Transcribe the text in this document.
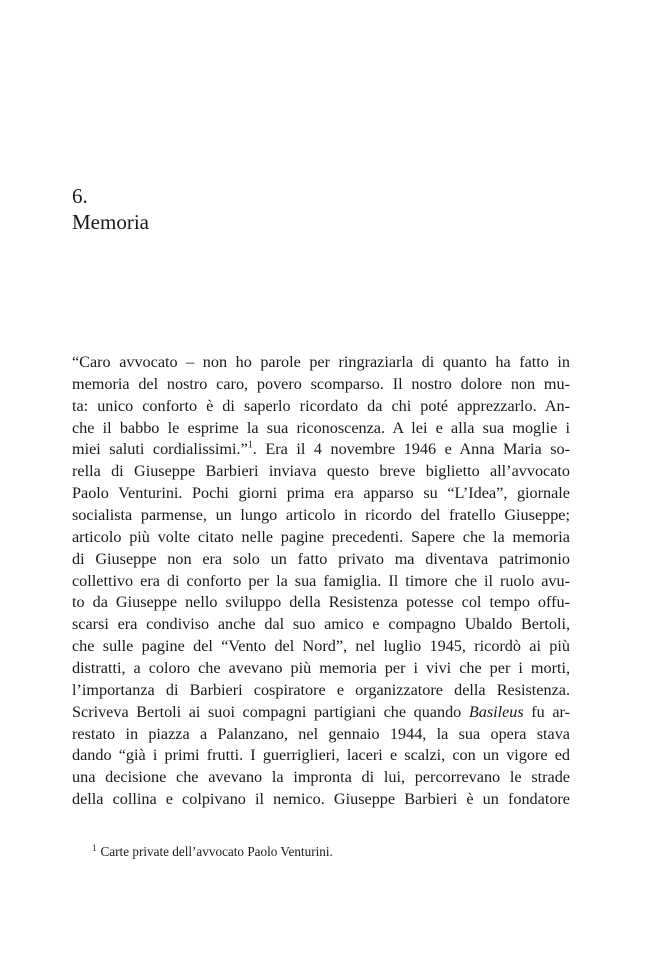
6.
Memoria
“Caro avvocato – non ho parole per ringraziarla di quanto ha fatto in
memoria del nostro caro, povero scomparso. Il nostro dolore non mu-
ta: unico conforto è di saperlo ricordato da chi poté apprezzarlo. An-
che il babbo le esprime la sua riconoscenza. A lei e alla sua moglie i
miei saluti cordialissimi.”$^1$. Era il 4 novembre 1946 e Anna Maria so-
rella di Giuseppe Barbieri inviava questo breve biglietto all’avvocato
Paolo Venturini. Pochi giorni prima era apparso su “L’Idea”, giornale
socialista parmense, un lungo articolo in ricordo del fratello Giuseppe;
articolo più volte citato nelle pagine precedenti. Sapere che la memoria
di Giuseppe non era solo un fatto privato ma diventava patrimonio
collettivo era di conforto per la sua famiglia. Il timore che il ruolo avu-
to da Giuseppe nello sviluppo della Resistenza potesse col tempo offu-
scarsi era condiviso anche dal suo amico e compagno Ubaldo Bertoli,
che sulle pagine del “Vento del Nord”, nel luglio 1945, ricordò ai più
distratti, a coloro che avevano più memoria per i vivi che per i morti,
l’importanza di Barbieri cospiratore e organizzatore della Resistenza.
Scriveva Bertoli ai suoi compagni partigiani che quando Basileus fu ar-
restato in piazza a Palanzano, nel gennaio 1944, la sua opera stava
dando “già i primi frutti. I guerriglieri, laceri e scalzi, con un vigore ed
una decisione che avevano la impronta di lui, percorrevano le strade
della collina e colpivano il nemico. Giuseppe Barbieri è un fondatore
$^1$ Carte private dell’avvocato Paolo Venturini.
